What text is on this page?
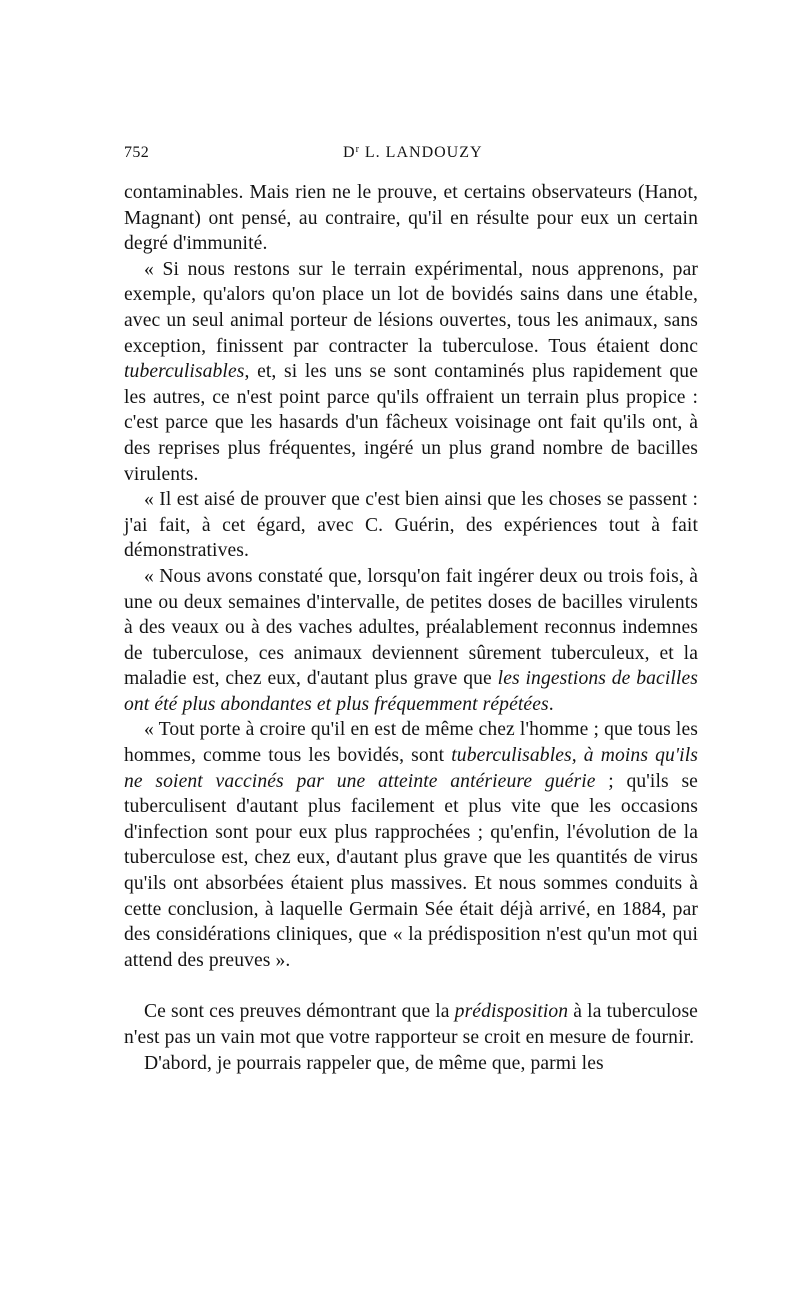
752	$D^r$ L. LANDOUZY

contaminables. Mais rien ne le prouve, et certains observateurs (Hanot, Magnant) ont pensé, au contraire, qu'il en résulte pour eux un certain degré d'immunité.

« Si nous restons sur le terrain expérimental, nous apprenons, par exemple, qu'alors qu'on place un lot de bovidés sains dans une étable, avec un seul animal porteur de lésions ouvertes, tous les animaux, sans exception, finissent par contracter la tuberculose. Tous étaient donc tuberculisables, et, si les uns se sont contaminés plus rapidement que les autres, ce n'est point parce qu'ils offraient un terrain plus propice : c'est parce que les hasards d'un fâcheux voisinage ont fait qu'ils ont, à des reprises plus fréquentes, ingéré un plus grand nombre de bacilles virulents.

« Il est aisé de prouver que c'est bien ainsi que les choses se passent : j'ai fait, à cet égard, avec C. Guérin, des expériences tout à fait démonstratives.

« Nous avons constaté que, lorsqu'on fait ingérer deux ou trois fois, à une ou deux semaines d'intervalle, de petites doses de bacilles virulents à des veaux ou à des vaches adultes, préalablement reconnus indemnes de tuberculose, ces animaux deviennent sûrement tuberculeux, et la maladie est, chez eux, d'autant plus grave que les ingestions de bacilles ont été plus abondantes et plus fréquemment répétées.

« Tout porte à croire qu'il en est de même chez l'homme ; que tous les hommes, comme tous les bovidés, sont tuberculisables, à moins qu'ils ne soient vaccinés par une atteinte antérieure guérie ; qu'ils se tuberculisent d'autant plus facilement et plus vite que les occasions d'infection sont pour eux plus rapprochées ; qu'enfin, l'évolution de la tuberculose est, chez eux, d'autant plus grave que les quantités de virus qu'ils ont absorbées étaient plus massives. Et nous sommes conduits à cette conclusion, à laquelle Germain Sée était déjà arrivé, en 1884, par des considérations cliniques, que « la prédisposition n'est qu'un mot qui attend des preuves ».

Ce sont ces preuves démontrant que la prédisposition à la tuberculose n'est pas un vain mot que votre rapporteur se croit en mesure de fournir.

D'abord, je pourrais rappeler que, de même que, parmi les
